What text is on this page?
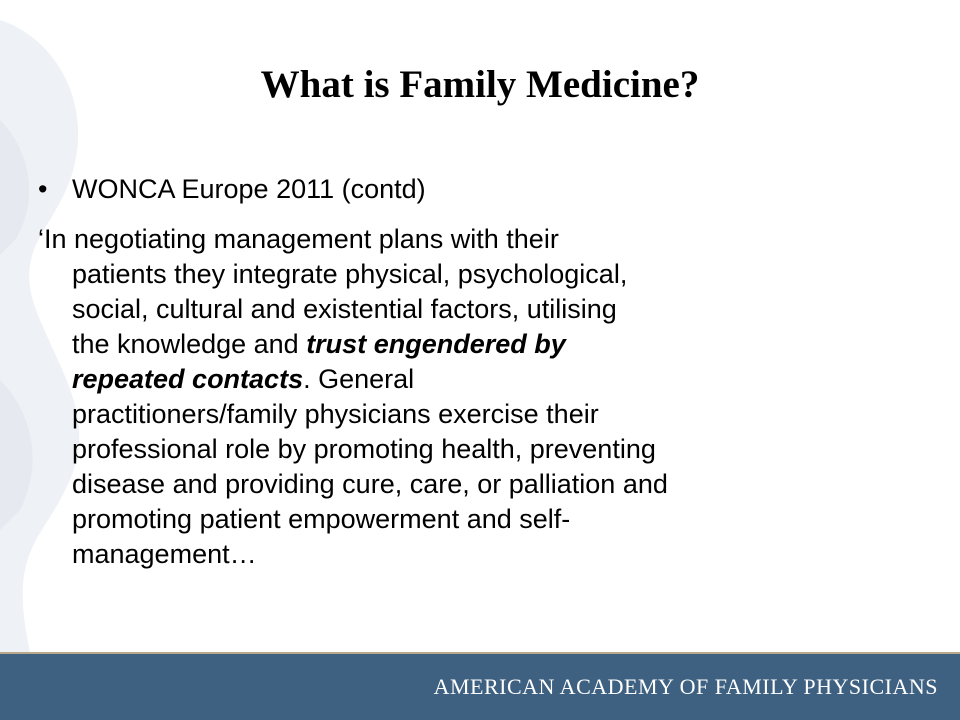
What is Family Medicine?
• WONCA Europe 2011 (contd)
‘In negotiating management plans with their
patients they integrate physical, psychological,
social, cultural and existential factors, utilising
the knowledge and trust engendered by
repeated contacts. General
practitioners/family physicians exercise their
professional role by promoting health, preventing
disease and providing cure, care, or palliation and
promoting patient empowerment and self-
management…
AMERICAN ACADEMY OF FAMILY PHYSICIANS
